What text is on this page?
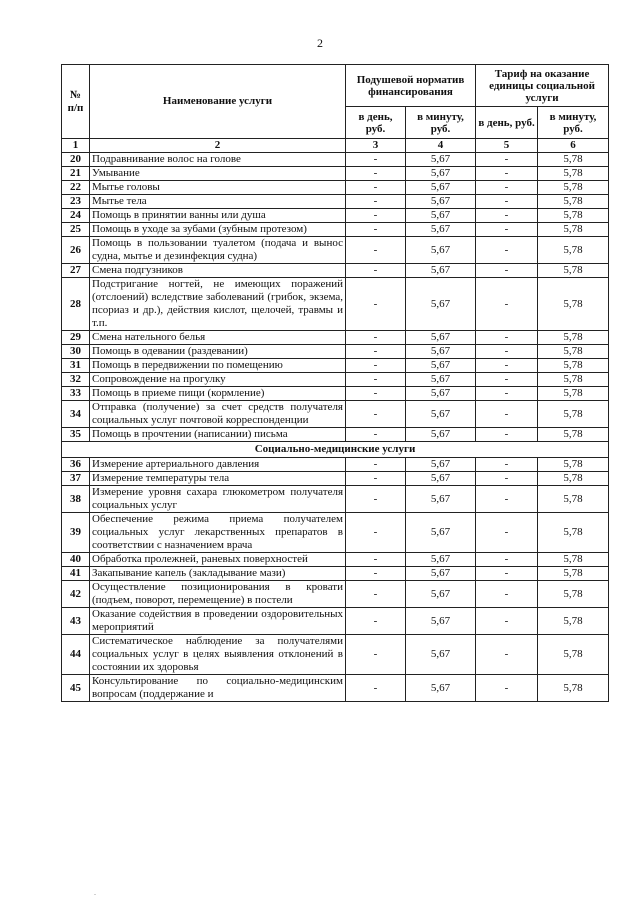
2
№ п/п	Наименование услуги	Подушевой норматив финансирования		Тариф на оказание единицы социальной услуги	
		в день, руб.	в минуту, руб.	в день, руб.	в минуту, руб.
1	2	3	4	5	6
20	Подравнивание волос на голове	-	5,67	-	5,78
21	Умывание	-	5,67	-	5,78
22	Мытье головы	-	5,67	-	5,78
23	Мытье тела	-	5,67	-	5,78
24	Помощь в принятии ванны или душа	-	5,67	-	5,78
25	Помощь в уходе за зубами (зубным протезом)	-	5,67	-	5,78
26	Помощь в пользовании туалетом (подача и вынос судна, мытье и дезинфекция судна)	-	5,67	-	5,78
27	Смена подгузников	-	5,67	-	5,78
28	Подстригание ногтей, не имеющих поражений (отслоений) вследствие заболеваний (грибок, экзема, псориаз и др.), действия кислот, щелочей, травмы и т.п.	-	5,67	-	5,78
29	Смена нательного белья	-	5,67	-	5,78
30	Помощь в одевании (раздевании)	-	5,67	-	5,78
31	Помощь в передвижении по помещению	-	5,67	-	5,78
32	Сопровождение на прогулку	-	5,67	-	5,78
33	Помощь в приеме пищи (кормление)	-	5,67	-	5,78
34	Отправка (получение) за счет средств получателя социальных услуг почтовой корреспонденции	-	5,67	-	5,78
35	Помощь в прочтении (написании) письма	-	5,67	-	5,78
Социально-медицинские услуги					
36	Измерение артериального давления	-	5,67	-	5,78
37	Измерение температуры тела	-	5,67	-	5,78
38	Измерение уровня сахара глюкометром получателя социальных услуг	-	5,67	-	5,78
39	Обеспечение режима приема получателем социальных услуг лекарственных препаратов в соответствии с назначением врача	-	5,67	-	5,78
40	Обработка пролежней, раневых поверхностей	-	5,67	-	5,78
41	Закапывание капель (закладывание мази)	-	5,67	-	5,78
42	Осуществление позиционирования в кровати (подъем, поворот, перемещение) в постели	-	5,67	-	5,78
43	Оказание содействия в проведении оздоровительных мероприятий	-	5,67	-	5,78
44	Систематическое наблюдение за получателями социальных услуг в целях выявления отклонений в состоянии их здоровья	-	5,67	-	5,78
45	Консультирование по социально-медицинским вопросам (поддержание и	-	5,67	-	5,78
.
